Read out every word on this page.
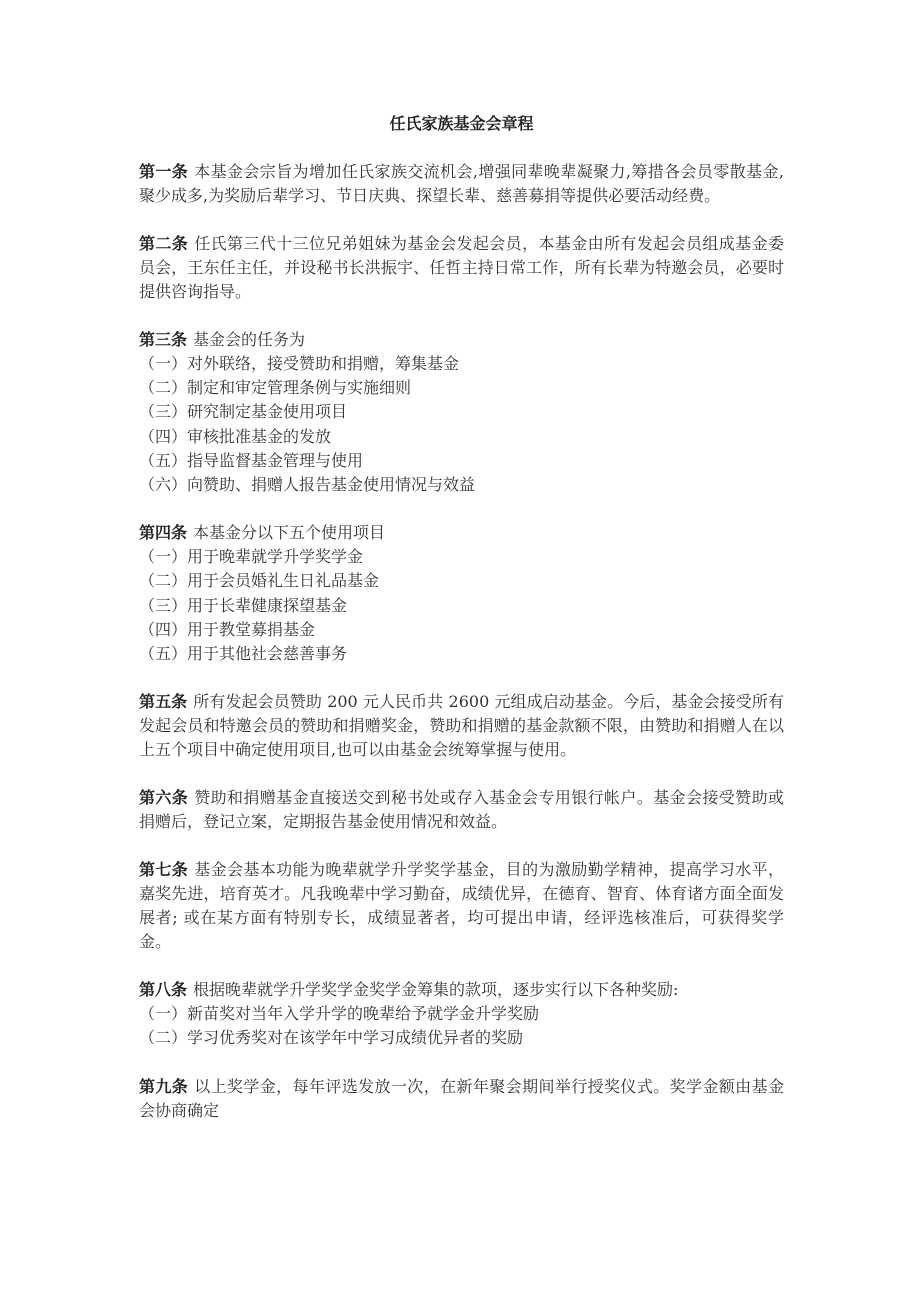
任氏家族基金会章程
第一条 本基金会宗旨为增加任氏家族交流机会,增强同辈晚辈凝聚力,筹措各会员零散基金,聚少成多,为奖励后辈学习、节日庆典、探望长辈、慈善募捐等提供必要活动经费。
第二条 任氏第三代十三位兄弟姐妹为基金会发起会员，本基金由所有发起会员组成基金委员会，王东任主任，并设秘书长洪振宇、任哲主持日常工作，所有长辈为特邀会员，必要时提供咨询指导。
第三条 基金会的任务为
（一）对外联络，接受赞助和捐赠，筹集基金
（二）制定和审定管理条例与实施细则
（三）研究制定基金使用项目
（四）审核批准基金的发放
（五）指导监督基金管理与使用
（六）向赞助、捐赠人报告基金使用情况与效益
第四条 本基金分以下五个使用项目
（一）用于晚辈就学升学奖学金
（二）用于会员婚礼生日礼品基金
（三）用于长辈健康探望基金
（四）用于教堂募捐基金
（五）用于其他社会慈善事务
第五条 所有发起会员赞助 200 元人民币共 2600 元组成启动基金。今后，基金会接受所有发起会员和特邀会员的赞助和捐赠奖金，赞助和捐赠的基金款额不限，由赞助和捐赠人在以上五个项目中确定使用项目,也可以由基金会统筹掌握与使用。
第六条 赞助和捐赠基金直接送交到秘书处或存入基金会专用银行帐户。基金会接受赞助或捐赠后，登记立案，定期报告基金使用情况和效益。
第七条 基金会基本功能为晚辈就学升学奖学基金，目的为激励勤学精神，提高学习水平，嘉奖先进，培育英才。凡我晚辈中学习勤奋，成绩优异，在德育、智育、体育诸方面全面发展者; 或在某方面有特别专长，成绩显著者，均可提出申请，经评选核准后，可获得奖学金。
第八条 根据晚辈就学升学奖学金奖学金筹集的款项，逐步实行以下各种奖励:
（一）新苗奖对当年入学升学的晚辈给予就学金升学奖励
（二）学习优秀奖对在该学年中学习成绩优异者的奖励
第九条 以上奖学金，每年评选发放一次，在新年聚会期间举行授奖仪式。奖学金额由基金会协商确定
